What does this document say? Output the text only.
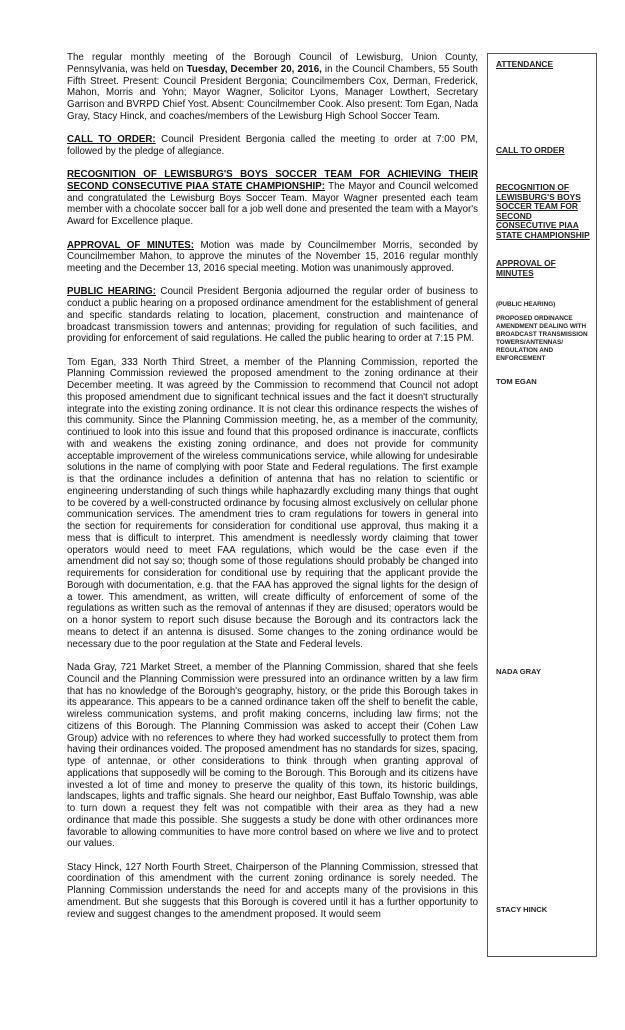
The regular monthly meeting of the Borough Council of Lewisburg, Union County, Pennsylvania, was held on Tuesday, December 20, 2016, in the Council Chambers, 55 South Fifth Street. Present: Council President Bergonia; Councilmembers Cox, Derman, Frederick, Mahon, Morris and Yohn; Mayor Wagner, Solicitor Lyons, Manager Lowthert, Secretary Garrison and BVRPD Chief Yost. Absent: Councilmember Cook. Also present: Tom Egan, Nada Gray, Stacy Hinck, and coaches/members of the Lewisburg High School Soccer Team.

CALL TO ORDER: Council President Bergonia called the meeting to order at 7:00 PM, followed by the pledge of allegiance.

RECOGNITION OF LEWISBURG'S BOYS SOCCER TEAM FOR ACHIEVING THEIR SECOND CONSECUTIVE PIAA STATE CHAMPIONSHIP: The Mayor and Council welcomed and congratulated the Lewisburg Boys Soccer Team. Mayor Wagner presented each team member with a chocolate soccer ball for a job well done and presented the team with a Mayor's Award for Excellence plaque.

APPROVAL OF MINUTES: Motion was made by Councilmember Morris, seconded by Councilmember Mahon, to approve the minutes of the November 15, 2016 regular monthly meeting and the December 13, 2016 special meeting. Motion was unanimously approved.

PUBLIC HEARING: Council President Bergonia adjourned the regular order of business to conduct a public hearing on a proposed ordinance amendment for the establishment of general and specific standards relating to location, placement, construction and maintenance of broadcast transmission towers and antennas; providing for regulation of such facilities, and providing for enforcement of said regulations. He called the public hearing to order at 7:15 PM.

Tom Egan, 333 North Third Street, a member of the Planning Commission, reported the Planning Commission reviewed the proposed amendment to the zoning ordinance at their December meeting. It was agreed by the Commission to recommend that Council not adopt this proposed amendment due to significant technical issues and the fact it doesn't structurally integrate into the existing zoning ordinance. It is not clear this ordinance respects the wishes of this community. Since the Planning Commission meeting, he, as a member of the community, continued to look into this issue and found that this proposed ordinance is inaccurate, conflicts with and weakens the existing zoning ordinance, and does not provide for community acceptable improvement of the wireless communications service, while allowing for undesirable solutions in the name of complying with poor State and Federal regulations. The first example is that the ordinance includes a definition of antenna that has no relation to scientific or engineering understanding of such things while haphazardly excluding many things that ought to be covered by a well-constructed ordinance by focusing almost exclusively on cellular phone communication services. The amendment tries to cram regulations for towers in general into the section for requirements for consideration for conditional use approval, thus making it a mess that is difficult to interpret. This amendment is needlessly wordy claiming that tower operators would need to meet FAA regulations, which would be the case even if the amendment did not say so; though some of those regulations should probably be changed into requirements for consideration for conditional use by requiring that the applicant provide the Borough with documentation, e.g. that the FAA has approved the signal lights for the design of a tower. This amendment, as written, will create difficulty of enforcement of some of the regulations as written such as the removal of antennas if they are disused; operators would be on a honor system to report such disuse because the Borough and its contractors lack the means to detect if an antenna is disused. Some changes to the zoning ordinance would be necessary due to the poor regulation at the State and Federal levels.

Nada Gray, 721 Market Street, a member of the Planning Commission, shared that she feels Council and the Planning Commission were pressured into an ordinance written by a law firm that has no knowledge of the Borough's geography, history, or the pride this Borough takes in its appearance. This appears to be a canned ordinance taken off the shelf to benefit the cable, wireless communication systems, and profit making concerns, including law firms; not the citizens of this Borough. The Planning Commission was asked to accept their (Cohen Law Group) advice with no references to where they had worked successfully to protect them from having their ordinances voided. The proposed amendment has no standards for sizes, spacing, type of antennae, or other considerations to think through when granting approval of applications that supposedly will be coming to the Borough. This Borough and its citizens have invested a lot of time and money to preserve the quality of this town, its historic buildings, landscapes, lights and traffic signals. She heard our neighbor, East Buffalo Township, was able to turn down a request they felt was not compatible with their area as they had a new ordinance that made this possible. She suggests a study be done with other ordinances more favorable to allowing communities to have more control based on where we live and to protect our values.

Stacy Hinck, 127 North Fourth Street, Chairperson of the Planning Commission, stressed that coordination of this amendment with the current zoning ordinance is sorely needed. The Planning Commission understands the need for and accepts many of the provisions in this amendment. But she suggests that this Borough is covered until it has a further opportunity to review and suggest changes to the amendment proposed. It would seem

ATTENDANCE
CALL TO ORDER
RECOGNITION OF LEWISBURG'S BOYS SOCCER TEAM FOR SECOND CONSECUTIVE PIAA STATE CHAMPIONSHIP
APPROVAL OF MINUTES
(PUBLIC HEARING)
PROPOSED ORDINANCE AMENDMENT DEALING WITH BROADCAST TRANSMISSION TOWERS/ANTENNAS/ REGULATION AND ENFORCEMENT
TOM EGAN
NADA GRAY
STACY HINCK
